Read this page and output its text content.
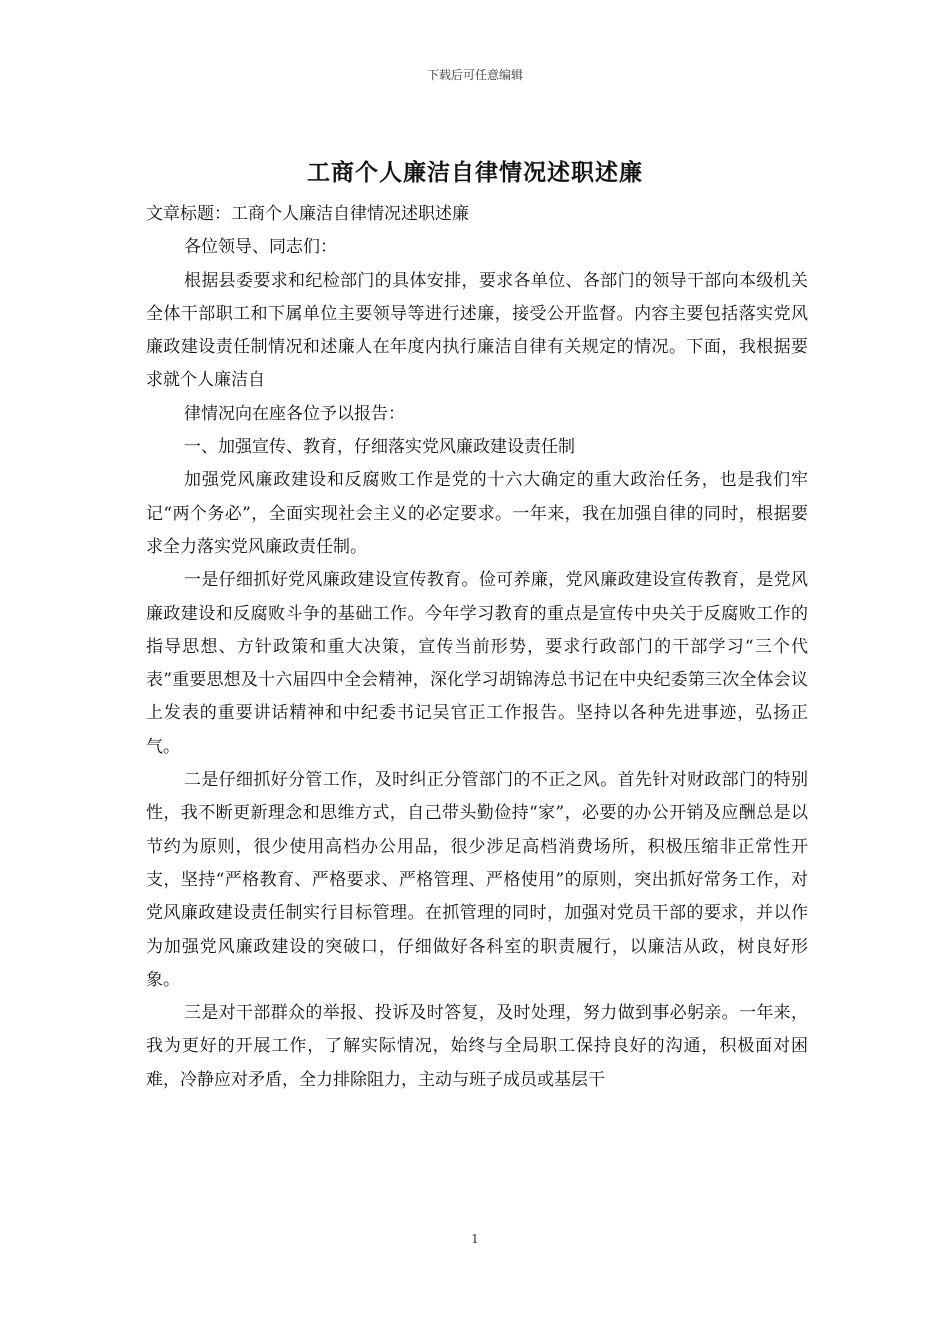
下载后可任意编辑
工商个人廉洁自律情况述职述廉

文章标题：工商个人廉洁自律情况述职述廉

各位领导、同志们：

根据县委要求和纪检部门的具体安排，要求各单位、各部门的领导干部向本级机关全体干部职工和下属单位主要领导等进行述廉，接受公开监督。内容主要包括落实党风廉政建设责任制情况和述廉人在年度内执行廉洁自律有关规定的情况。下面，我根据要求就个人廉洁自

律情况向在座各位予以报告：

一、加强宣传、教育，仔细落实党风廉政建设责任制

加强党风廉政建设和反腐败工作是党的十六大确定的重大政治任务，也是我们牢记“两个务必”，全面实现社会主义的必定要求。一年来，我在加强自律的同时，根据要求全力落实党风廉政责任制。

一是仔细抓好党风廉政建设宣传教育。俭可养廉，党风廉政建设宣传教育，是党风廉政建设和反腐败斗争的基础工作。今年学习教育的重点是宣传中央关于反腐败工作的指导思想、方针政策和重大决策，宣传当前形势，要求行政部门的干部学习“三个代表”重要思想及十六届四中全会精神，深化学习胡锦涛总书记在中央纪委第三次全体会议上发表的重要讲话精神和中纪委书记吴官正工作报告。坚持以各种先进事迹，弘扬正气。

二是仔细抓好分管工作，及时纠正分管部门的不正之风。首先针对财政部门的特别性，我不断更新理念和思维方式，自己带头勤俭持“家”，必要的办公开销及应酬总是以节约为原则，很少使用高档办公用品，很少涉足高档消费场所，积极压缩非正常性开支，坚持“严格教育、严格要求、严格管理、严格使用”的原则，突出抓好常务工作，对党风廉政建设责任制实行目标管理。在抓管理的同时，加强对党员干部的要求，并以作为加强党风廉政建设的突破口，仔细做好各科室的职责履行，以廉洁从政，树良好形象。

三是对干部群众的举报、投诉及时答复，及时处理，努力做到事必躬亲。一年来，我为更好的开展工作，了解实际情况，始终与全局职工保持良好的沟通，积极面对困难，冷静应对矛盾，全力排除阻力，主动与班子成员或基层干

1
